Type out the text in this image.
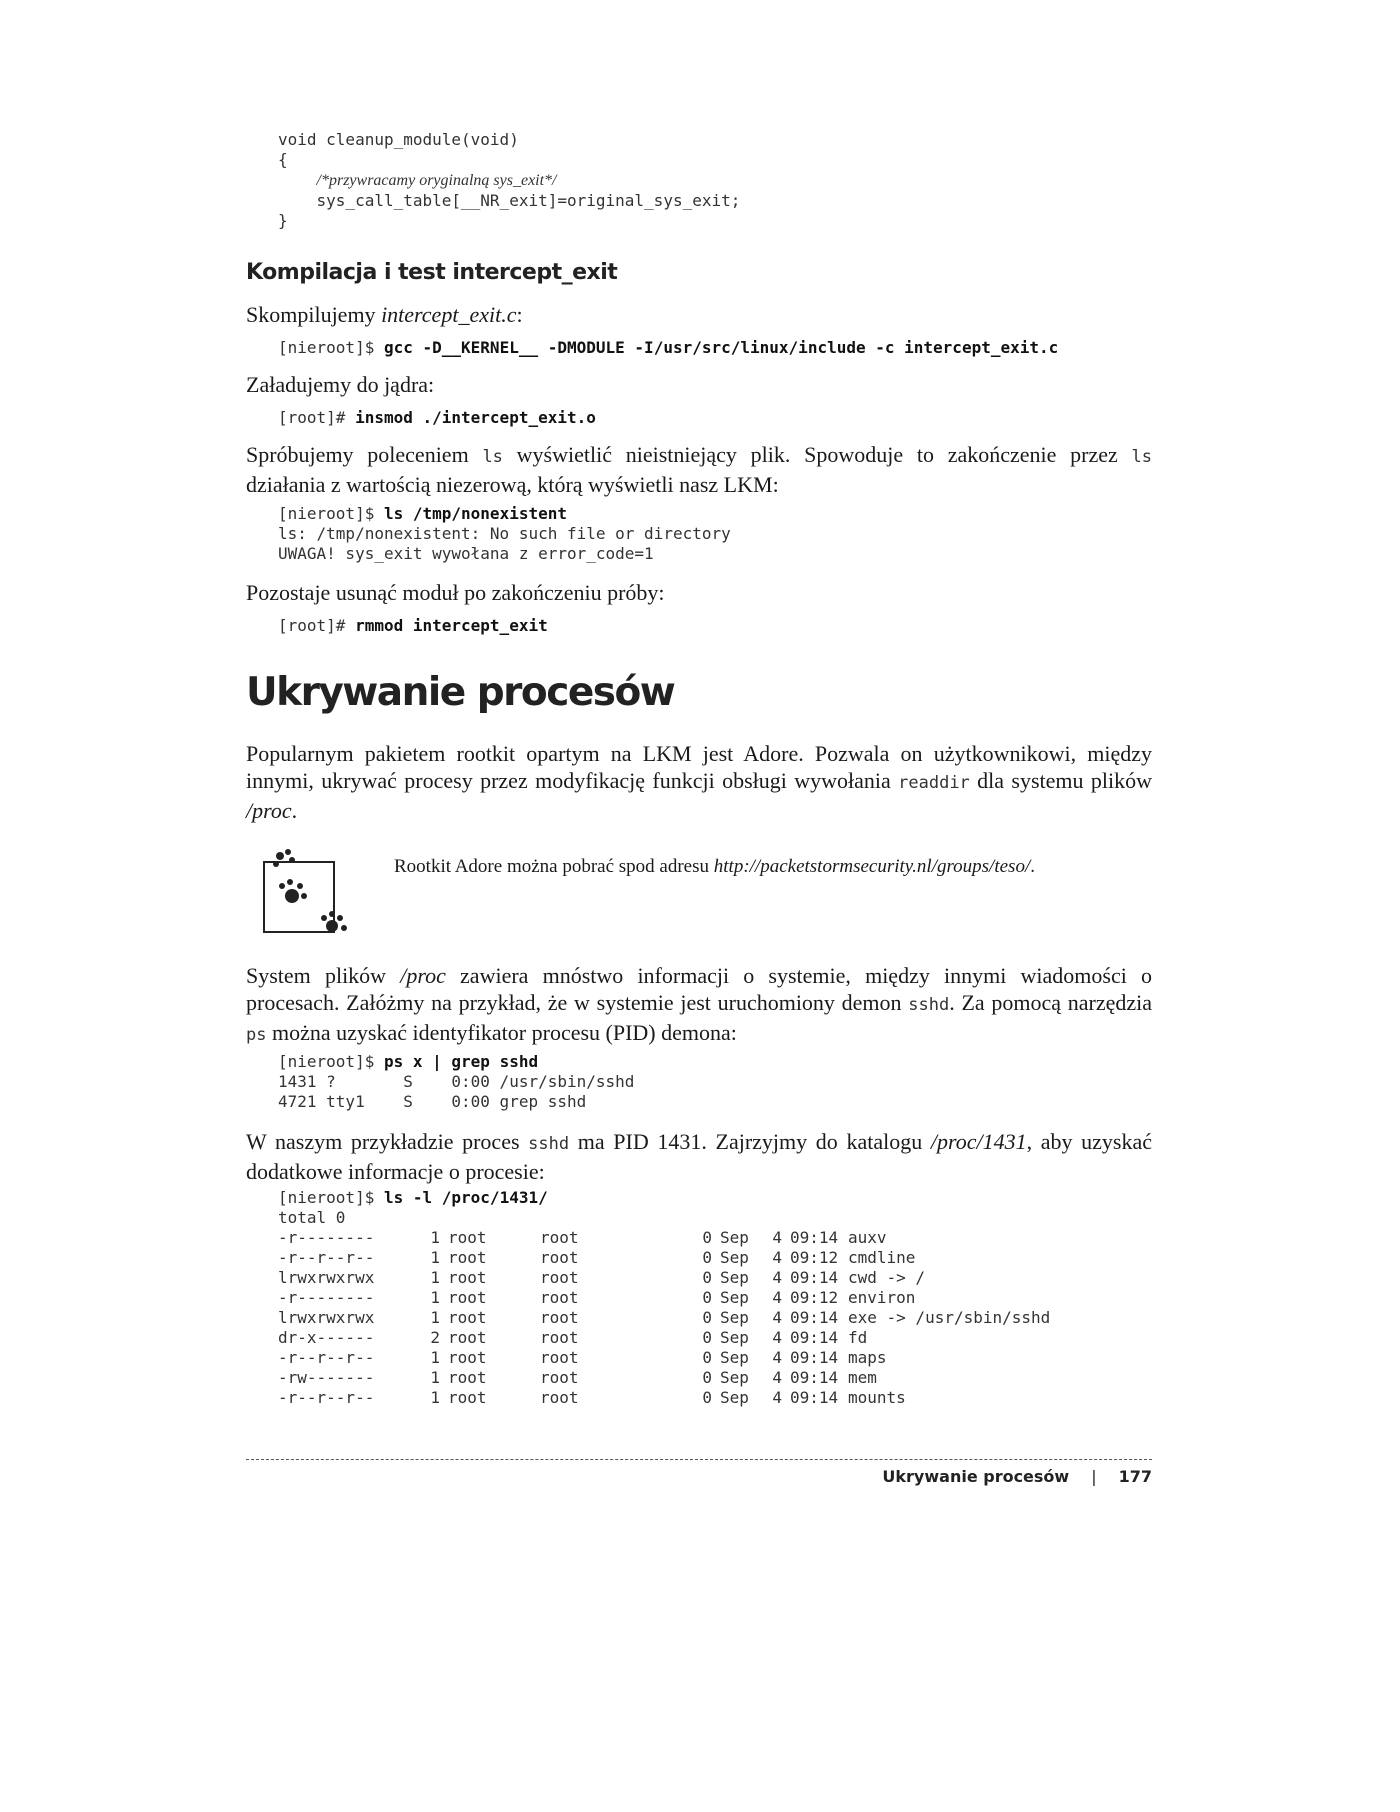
void cleanup_module(void)
{
/*przywracamy oryginalną sys_exit*/
sys_call_table[__NR_exit]=original_sys_exit;
}
Kompilacja i test intercept_exit

Skompilujemy intercept_exit.c:

[nieroot]$ gcc -D__KERNEL__ -DMODULE -I/usr/src/linux/include -c intercept_exit.c

Załadujemy do jądra:

[root]# insmod ./intercept_exit.o

Spróbujemy poleceniem ls wyświetlić nieistniejący plik. Spowoduje to zakończenie przez ls działania z wartością niezerową, którą wyświetli nasz LKM:

[nieroot]$ ls /tmp/nonexistent
ls: /tmp/nonexistent: No such file or directory
UWAGA! sys_exit wywołana z error_code=1

Pozostaje usunąć moduł po zakończeniu próby:

[root]# rmmod intercept_exit
Ukrywanie procesów

Popularnym pakietem rootkit opartym na LKM jest Adore. Pozwala on użytkownikowi, między innymi, ukrywać procesy przez modyfikację funkcji obsługi wywołania readdir dla systemu plików /proc.

Rootkit Adore można pobrać spod adresu http://packetstormsecurity.nl/groups/teso/.

System plików /proc zawiera mnóstwo informacji o systemie, między innymi wiadomości o procesach. Załóżmy na przykład, że w systemie jest uruchomiony demon sshd. Za pomocą narzędzia ps można uzyskać identyfikator procesu (PID) demona:

[nieroot]$ ps x | grep sshd
1431 ?       S    0:00 /usr/sbin/sshd
4721 tty1    S    0:00 grep sshd

W naszym przykładzie proces sshd ma PID 1431. Zajrzyjmy do katalogu /proc/1431, aby uzyskać dodatkowe informacje o procesie:

[nieroot]$ ls -l /proc/1431/
total 0
-r--------	1 root	root	0 Sep	4 09:14 auxv
-r--r--r--	1 root	root	0 Sep	4 09:12 cmdline
lrwxrwxrwx	1 root	root	0 Sep	4 09:14 cwd -> /
-r--------	1 root	root	0 Sep	4 09:12 environ
lrwxrwxrwx	1 root	root	0 Sep	4 09:14 exe -> /usr/sbin/sshd
dr-x------	2 root	root	0 Sep	4 09:14 fd
-r--r--r--	1 root	root	0 Sep	4 09:14 maps
-rw-------	1 root	root	0 Sep	4 09:14 mem
-r--r--r--	1 root	root	0 Sep	4 09:14 mounts
Ukrywanie procesów | 177
